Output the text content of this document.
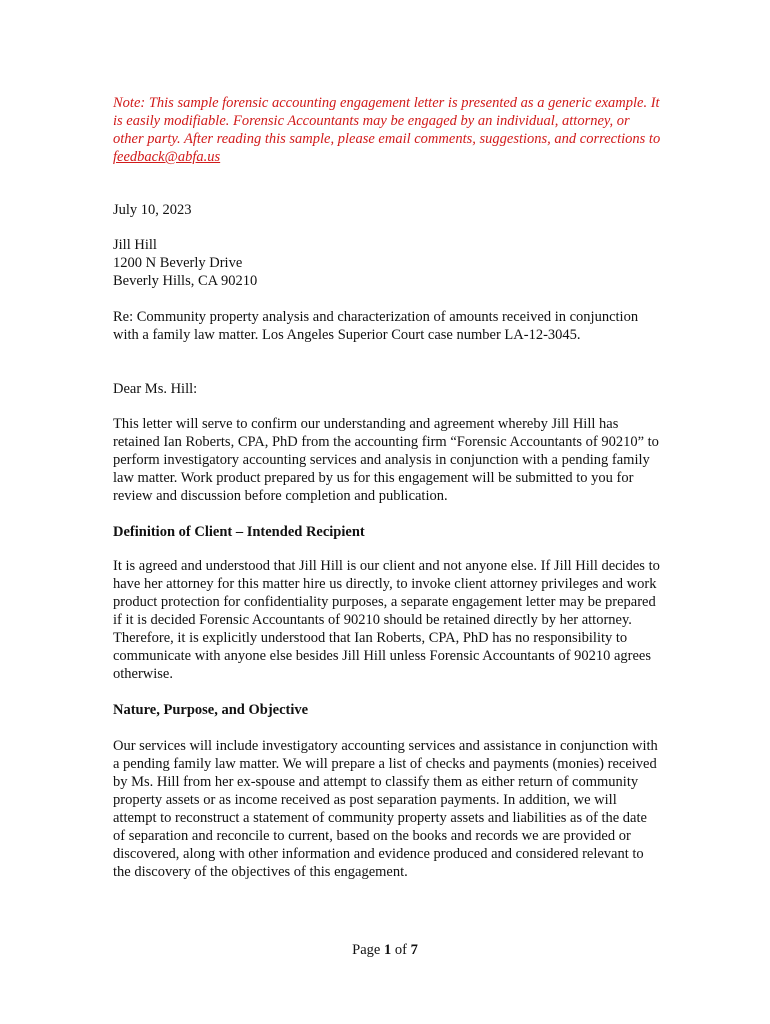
Note: This sample forensic accounting engagement letter is presented as a generic example. It is easily modifiable. Forensic Accountants may be engaged by an individual, attorney, or other party. After reading this sample, please email comments, suggestions, and corrections to feedback@abfa.us

July 10, 2023

Jill Hill
1200 N Beverly Drive
Beverly Hills, CA 90210

Re: Community property analysis and characterization of amounts received in conjunction with a family law matter. Los Angeles Superior Court case number LA-12-3045.

Dear Ms. Hill:

This letter will serve to confirm our understanding and agreement whereby Jill Hill has retained Ian Roberts, CPA, PhD from the accounting firm “Forensic Accountants of 90210” to perform investigatory accounting services and analysis in conjunction with a pending family law matter. Work product prepared by us for this engagement will be submitted to you for review and discussion before completion and publication.

Definition of Client – Intended Recipient

It is agreed and understood that Jill Hill is our client and not anyone else. If Jill Hill decides to have her attorney for this matter hire us directly, to invoke client attorney privileges and work product protection for confidentiality purposes, a separate engagement letter may be prepared if it is decided Forensic Accountants of 90210 should be retained directly by her attorney. Therefore, it is explicitly understood that Ian Roberts, CPA, PhD has no responsibility to communicate with anyone else besides Jill Hill unless Forensic Accountants of 90210 agrees otherwise.

Nature, Purpose, and Objective

Our services will include investigatory accounting services and assistance in conjunction with a pending family law matter. We will prepare a list of checks and payments (monies) received by Ms. Hill from her ex-spouse and attempt to classify them as either return of community property assets or as income received as post separation payments. In addition, we will attempt to reconstruct a statement of community property assets and liabilities as of the date of separation and reconcile to current, based on the books and records we are provided or discovered, along with other information and evidence produced and considered relevant to the discovery of the objectives of this engagement.

Page 1 of 7
